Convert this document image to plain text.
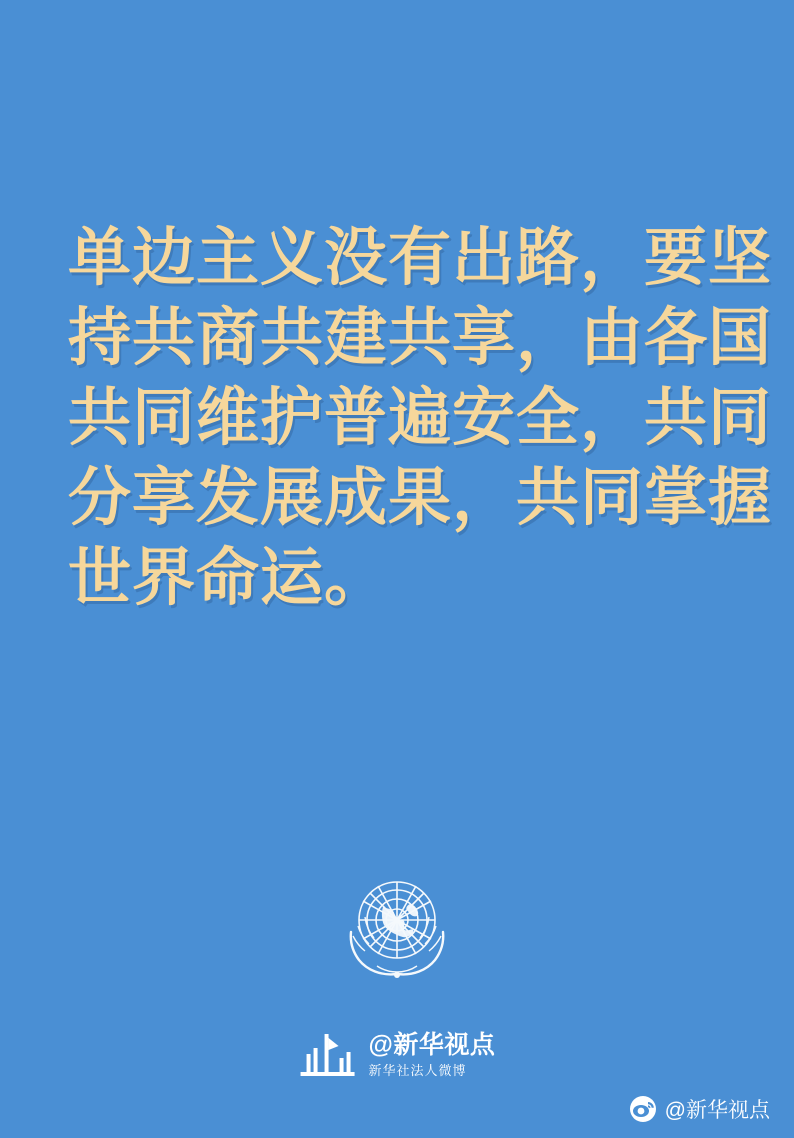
单边主义没有出路，要坚
持共商共建共享，由各国
共同维护普遍安全，共同
分享发展成果，共同掌握
世界命运。
@新华视点
新华社法人微博
@新华视点
